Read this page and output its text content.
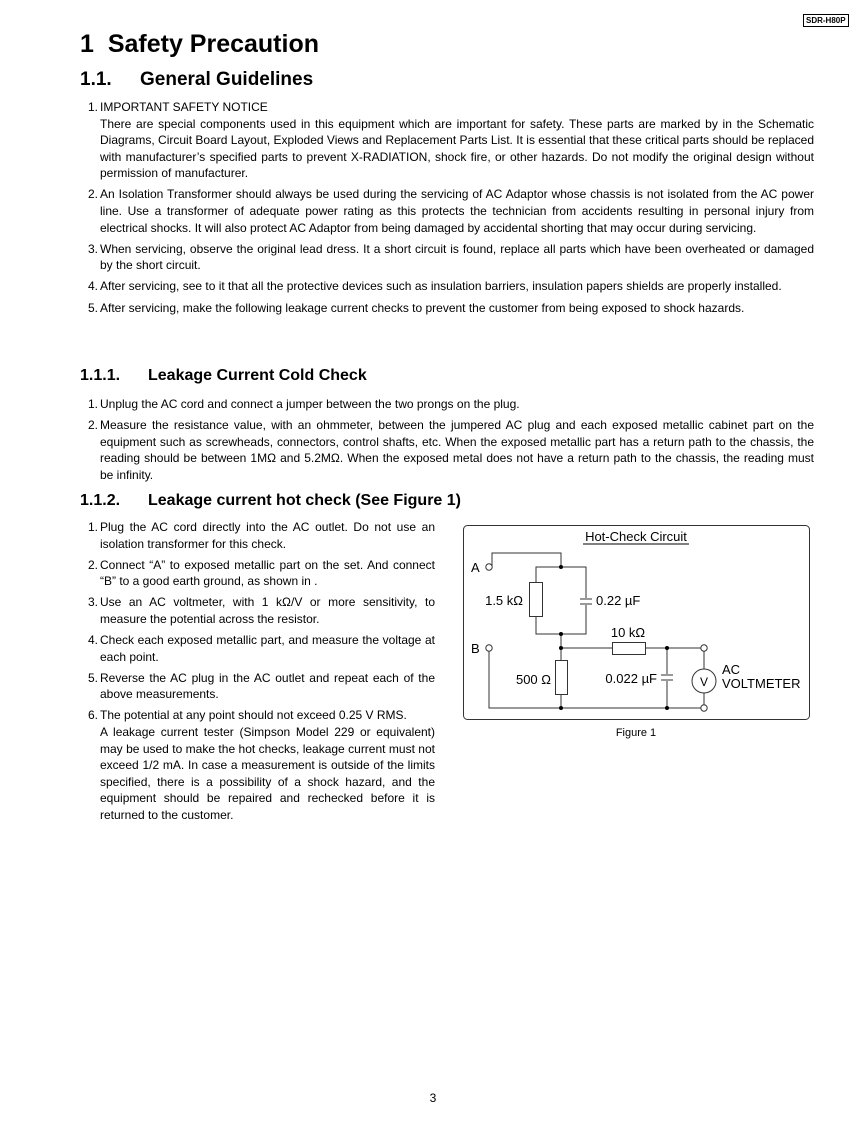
SDR-H80P
1 Safety Precaution
1.1. General Guidelines
1. IMPORTANT SAFETY NOTICE

There are special components used in this equipment which are important for safety. These parts are marked by in the Schematic Diagrams, Circuit Board Layout, Exploded Views and Replacement Parts List. It is essential that these critical parts should be replaced with manufacturer’s specified parts to prevent X-RADIATION, shock fire, or other hazards. Do not modify the original design without permission of manufacturer.

2. An Isolation Transformer should always be used during the servicing of AC Adaptor whose chassis is not isolated from the AC power line. Use a transformer of adequate power rating as this protects the technician from accidents resulting in personal injury from electrical shocks. It will also protect AC Adaptor from being damaged by accidental shorting that may occur during servicing.

3. When servicing, observe the original lead dress. It a short circuit is found, replace all parts which have been overheated or damaged by the short circuit.

4. After servicing, see to it that all the protective devices such as insulation barriers, insulation papers shields are properly installed.

5. After servicing, make the following leakage current checks to prevent the customer from being exposed to shock hazards.

1.1.1. Leakage Current Cold Check
1. Unplug the AC cord and connect a jumper between the two prongs on the plug.

2. Measure the resistance value, with an ohmmeter, between the jumpered AC plug and each exposed metallic cabinet part on the equipment such as screwheads, connectors, control shafts, etc. When the exposed metallic part has a return path to the chassis, the reading should be between 1MΩ and 5.2MΩ. When the exposed metal does not have a return path to the chassis, the reading must be infinity.

1.1.2. Leakage current hot check (See Figure 1)
1. Plug the AC cord directly into the AC outlet. Do not use an isolation transformer for this check.

2. Connect “A” to exposed metallic part on the set. And connect “B” to a good earth ground, as shown in .

3. Use an AC voltmeter, with 1 kΩ/V or more sensitivity, to measure the potential across the resistor.

4. Check each exposed metallic part, and measure the voltage at each point.

5. Reverse the AC plug in the AC outlet and repeat each of the above measurements.

6. The potential at any point should not exceed 0.25 V RMS.

A leakage current tester (Simpson Model 229 or equivalent) may be used to make the hot checks, leakage current must not exceed 1/2 mA. In case a measurement is outside of the limits specified, there is a possibility of a shock hazard, and the equipment should be repaired and rechecked before it is returned to the customer.

Hot-Check Circuit
A
B
1.5 kΩ	0.22 µF
10 kΩ
500 Ω	0.022 µF	V
AC
VOLTMETER
Figure 1
3
